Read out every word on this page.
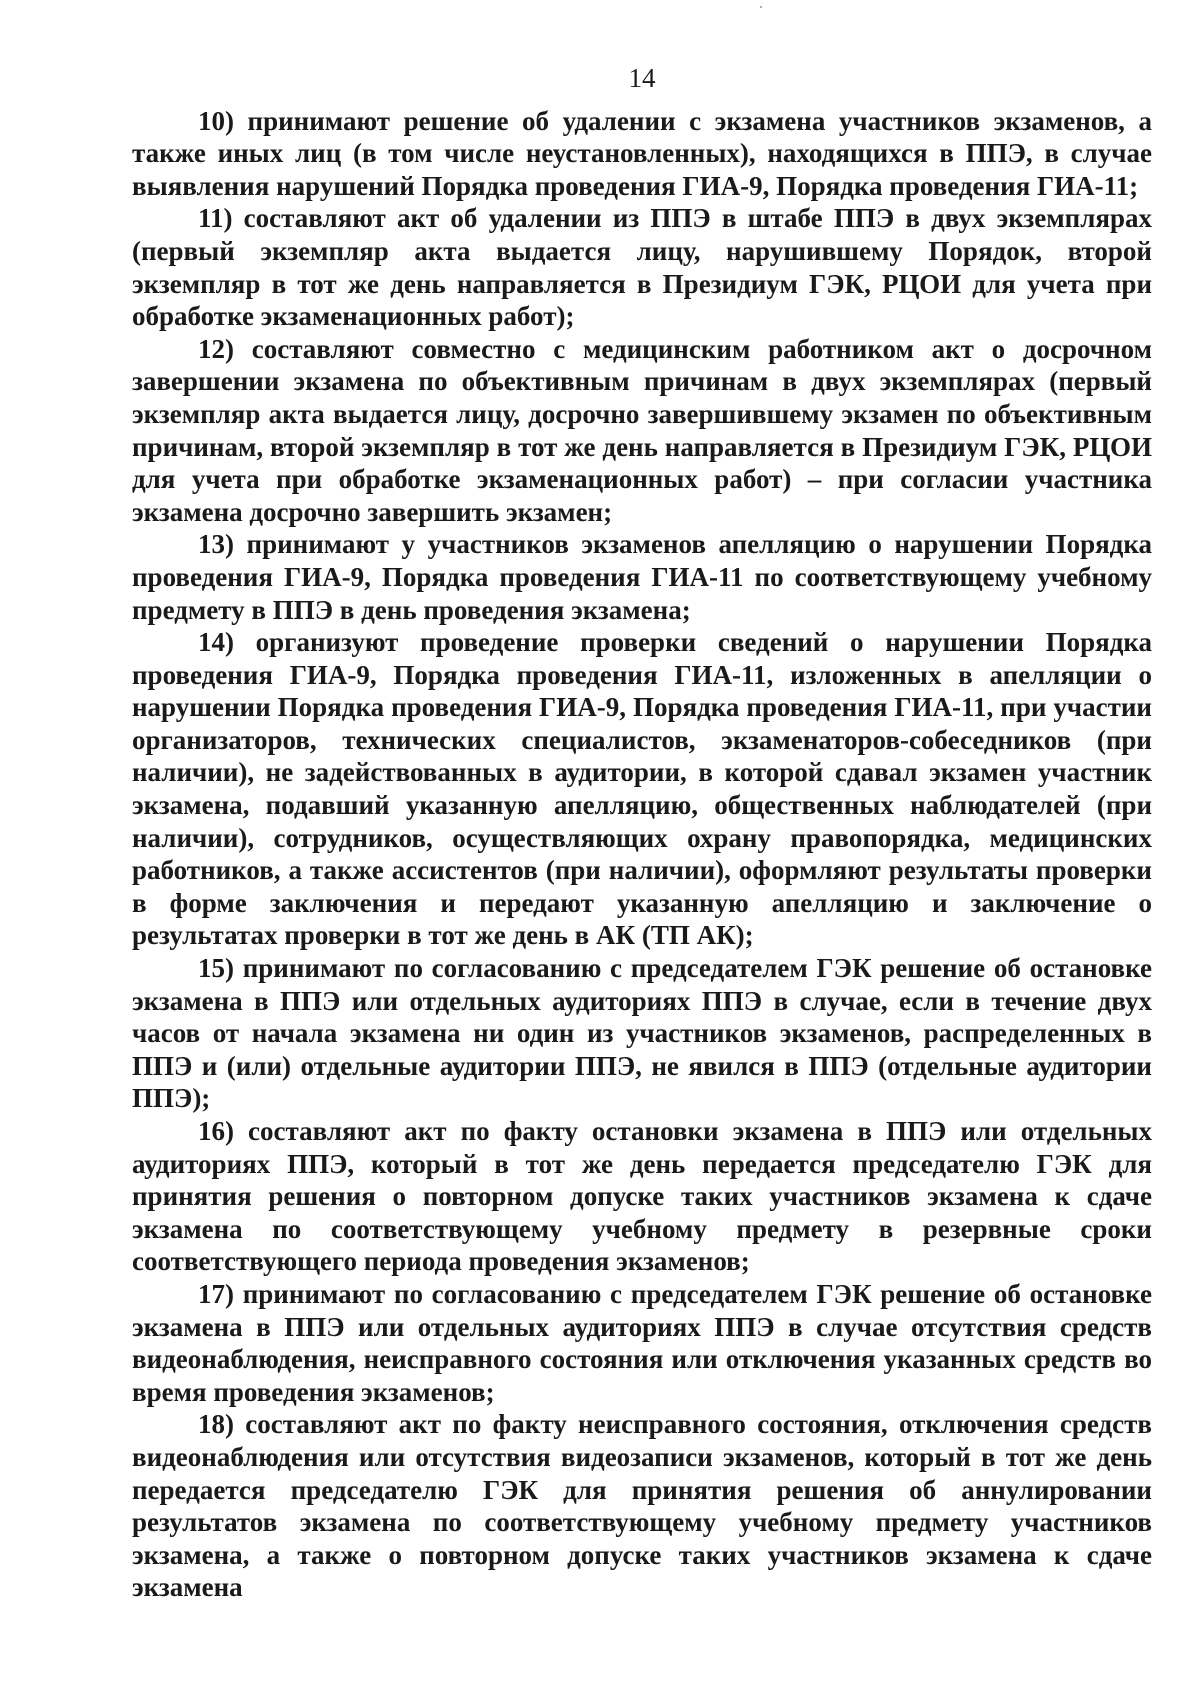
14

10) принимают решение об удалении с экзамена участников экзаменов, а также иных лиц (в том числе неустановленных), находящихся в ППЭ, в случае выявления нарушений Порядка проведения ГИА-9, Порядка проведения ГИА-11;

11) составляют акт об удалении из ППЭ в штабе ППЭ в двух экземплярах (первый экземпляр акта выдается лицу, нарушившему Порядок, второй экземпляр в тот же день направляется в Президиум ГЭК, РЦОИ для учета при обработке экзаменационных работ);

12) составляют совместно с медицинским работником акт о досрочном завершении экзамена по объективным причинам в двух экземплярах (первый экземпляр акта выдается лицу, досрочно завершившему экзамен по объективным причинам, второй экземпляр в тот же день направляется в Президиум ГЭК, РЦОИ для учета при обработке экзаменационных работ) – при согласии участника экзамена досрочно завершить экзамен;

13) принимают у участников экзаменов апелляцию о нарушении Порядка проведения ГИА-9, Порядка проведения ГИА-11 по соответствующему учебному предмету в ППЭ в день проведения экзамена;

14) организуют проведение проверки сведений о нарушении Порядка проведения ГИА-9, Порядка проведения ГИА-11, изложенных в апелляции о нарушении Порядка проведения ГИА-9, Порядка проведения ГИА-11, при участии организаторов, технических специалистов, экзаменаторов-собеседников (при наличии), не задействованных в аудитории, в которой сдавал экзамен участник экзамена, подавший указанную апелляцию, общественных наблюдателей (при наличии), сотрудников, осуществляющих охрану правопорядка, медицинских работников, а также ассистентов (при наличии), оформляют результаты проверки в форме заключения и передают указанную апелляцию и заключение о результатах проверки в тот же день в АК (ТП АК);

15) принимают по согласованию с председателем ГЭК решение об остановке экзамена в ППЭ или отдельных аудиториях ППЭ в случае, если в течение двух часов от начала экзамена ни один из участников экзаменов, распределенных в ППЭ и (или) отдельные аудитории ППЭ, не явился в ППЭ (отдельные аудитории ППЭ);

16) составляют акт по факту остановки экзамена в ППЭ или отдельных аудиториях ППЭ, который в тот же день передается председателю ГЭК для принятия решения о повторном допуске таких участников экзамена к сдаче экзамена по соответствующему учебному предмету в резервные сроки соответствующего периода проведения экзаменов;

17) принимают по согласованию с председателем ГЭК решение об остановке экзамена в ППЭ или отдельных аудиториях ППЭ в случае отсутствия средств видеонаблюдения, неисправного состояния или отключения указанных средств во время проведения экзаменов;

18) составляют акт по факту неисправного состояния, отключения средств видеонаблюдения или отсутствия видеозаписи экзаменов, который в тот же день передается председателю ГЭК для принятия решения об аннулировании результатов экзамена по соответствующему учебному предмету участников экзамена, а также о повторном допуске таких участников экзамена к сдаче экзамена
